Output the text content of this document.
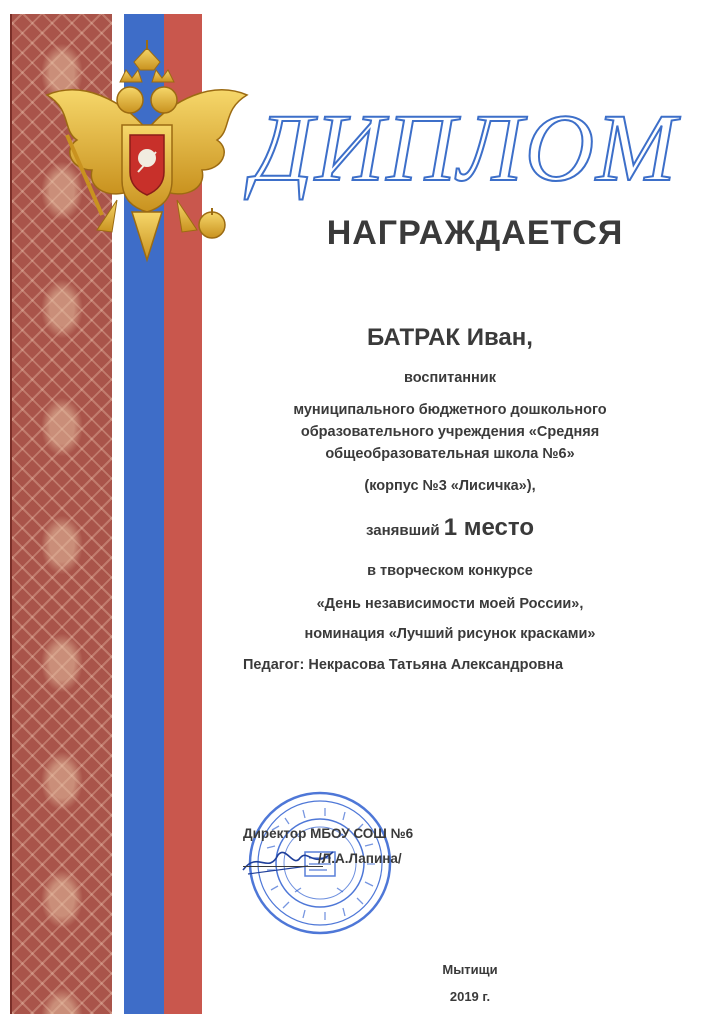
ДИПЛОМ
НАГРАЖДАЕТСЯ
БАТРАК Иван,
воспитанник
муниципального бюджетного дошкольного
образовательного учреждения «Средняя
общеобразовательная школа №6»
(корпус №3 «Лисичка»),
занявший 1 место
в творческом конкурсе
«День независимости моей России»,
номинация «Лучший рисунок красками»
Педагог: Некрасова Татьяна Александровна
Директор МБОУ СОШ №6
/Л.А.Лапина/
Мытищи
2019 г.
